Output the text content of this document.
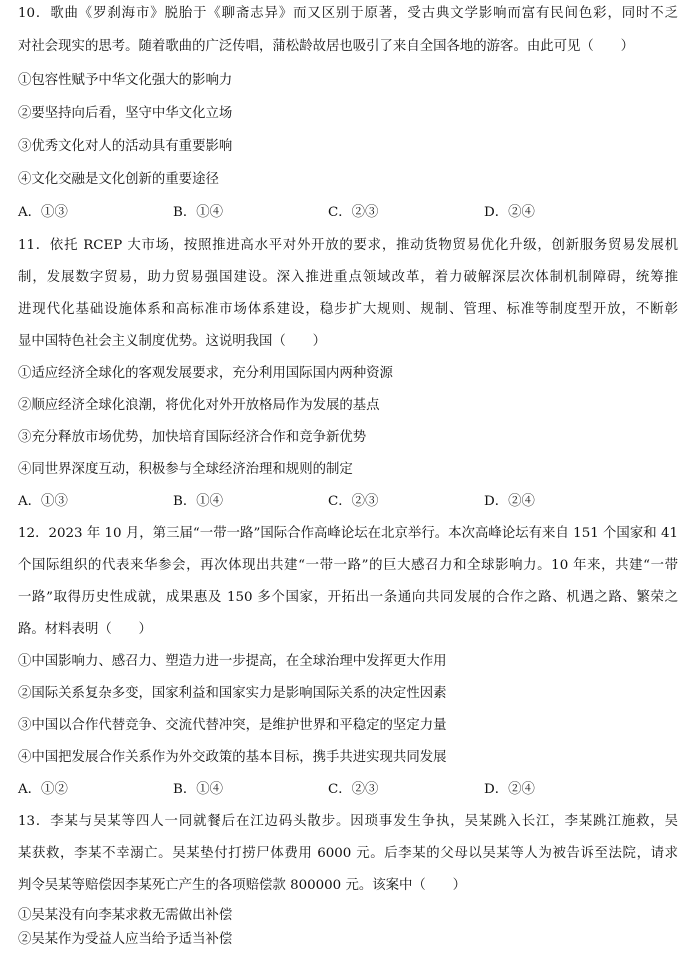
10．歌曲《罗刹海市》脱胎于《聊斋志异》而又区别于原著，受古典文学影响而富有民间色彩，同时不乏
对社会现实的思考。随着歌曲的广泛传唱，蒲松龄故居也吸引了来自全国各地的游客。由此可见（　　）
①包容性赋予中华文化强大的影响力
②要坚持向后看，坚守中华文化立场
③优秀文化对人的活动具有重要影响
④文化交融是文化创新的重要途径
A．①③	B．①④	C．②③	D．②④
11．依托 RCEP 大市场，按照推进高水平对外开放的要求，推动货物贸易优化升级，创新服务贸易发展机
制，发展数字贸易，助力贸易强国建设。深入推进重点领域改革，着力破解深层次体制机制障碍，统筹推
进现代化基础设施体系和高标准市场体系建设，稳步扩大规则、规制、管理、标准等制度型开放，不断彰
显中国特色社会主义制度优势。这说明我国（　　）
①适应经济全球化的客观发展要求，充分利用国际国内两种资源
②顺应经济全球化浪潮，将优化对外开放格局作为发展的基点
③充分释放市场优势，加快培育国际经济合作和竞争新优势
④同世界深度互动，积极参与全球经济治理和规则的制定
A．①③	B．①④	C．②③	D．②④
12．2023 年 10 月，第三届“一带一路”国际合作高峰论坛在北京举行。本次高峰论坛有来自 151 个国家和 41
个国际组织的代表来华参会，再次体现出共建“一带一路”的巨大感召力和全球影响力。10 年来，共建“一带
一路”取得历史性成就，成果惠及 150 多个国家，开拓出一条通向共同发展的合作之路、机遇之路、繁荣之
路。材料表明（　　）
①中国影响力、感召力、塑造力进一步提高，在全球治理中发挥更大作用
②国际关系复杂多变，国家利益和国家实力是影响国际关系的决定性因素
③中国以合作代替竞争、交流代替冲突，是维护世界和平稳定的坚定力量
④中国把发展合作关系作为外交政策的基本目标，携手共进实现共同发展
A．①②	B．①④	C．②③	D．②④
13．李某与吴某等四人一同就餐后在江边码头散步。因琐事发生争执，吴某跳入长江，李某跳江施救，吴
某获救，李某不幸溺亡。吴某垫付打捞尸体费用 6000 元。后李某的父母以吴某等人为被告诉至法院，请求
判令吴某等赔偿因李某死亡产生的各项赔偿款 800000 元。该案中（　　）
①吴某没有向李某求救无需做出补偿
②吴某作为受益人应当给予适当补偿
